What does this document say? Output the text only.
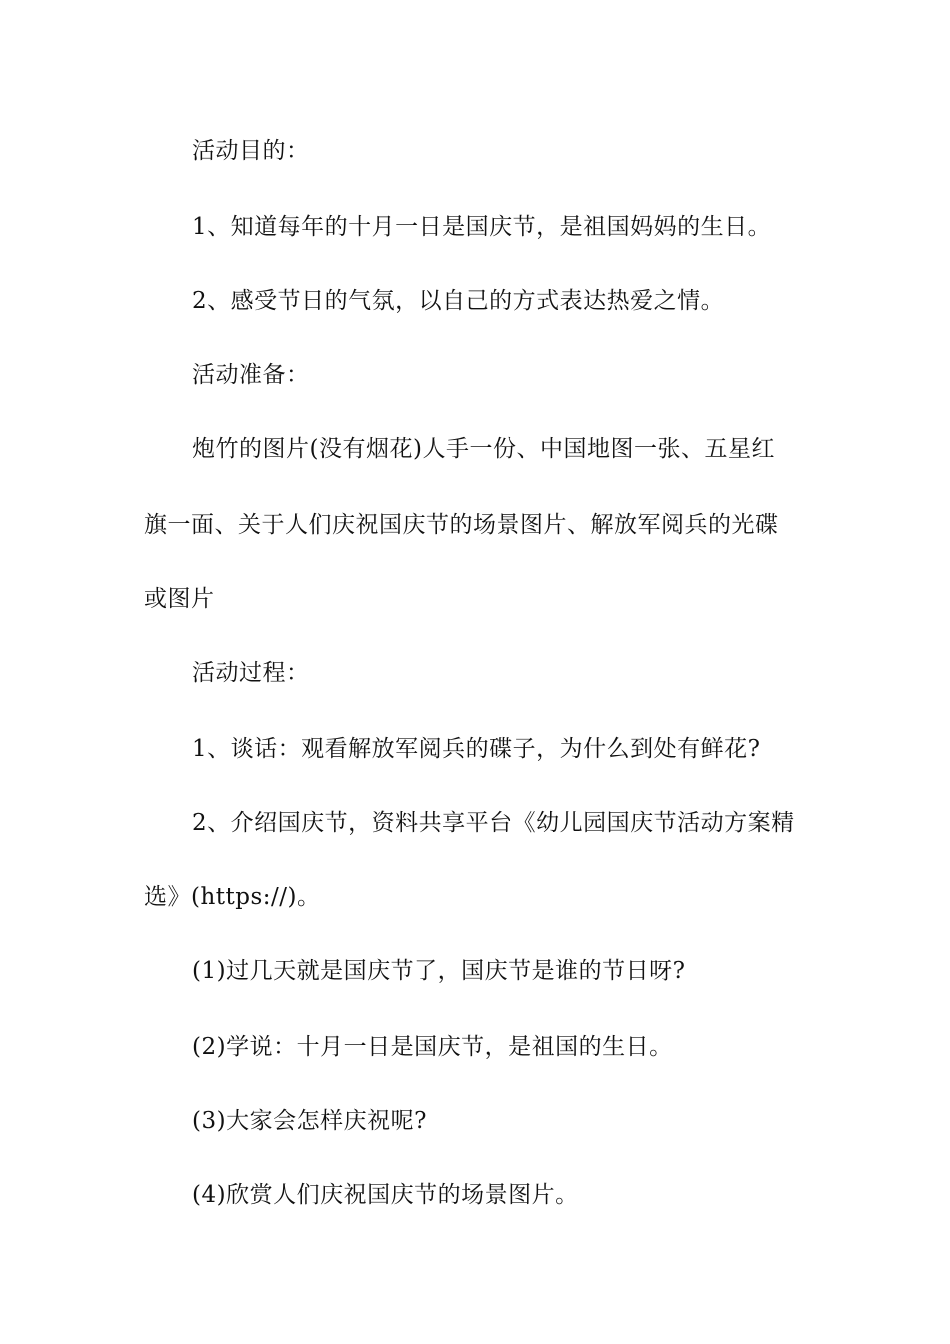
活动目的：
1、知道每年的十月一日是国庆节，是祖国妈妈的生日。
2、感受节日的气氛，以自己的方式表达热爱之情。
活动准备：
炮竹的图片(没有烟花)人手一份、中国地图一张、五星红
旗一面、关于人们庆祝国庆节的场景图片、解放军阅兵的光碟
或图片
活动过程：
1、谈话：观看解放军阅兵的碟子，为什么到处有鲜花?
2、介绍国庆节，资料共享平台《幼儿园国庆节活动方案精
选》(https://)。
(1)过几天就是国庆节了，国庆节是谁的节日呀?
(2)学说：十月一日是国庆节，是祖国的生日。
(3)大家会怎样庆祝呢?
(4)欣赏人们庆祝国庆节的场景图片。
